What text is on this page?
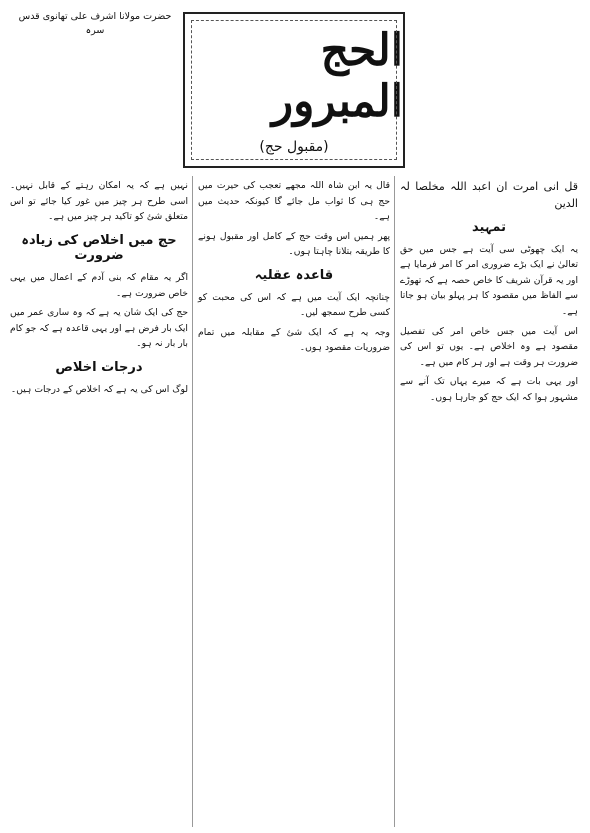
حضرت مولانا اشرف علی تھانوی قدس سرہ	الحج المبرور
(مقبول حج)
قل انی امرت ان اعبد اللہ مخلصا لہ الدین
تمہید
یہ ایک چھوٹی سی آیت ہے جس میں حق تعالیٰ نے ایک بڑے ضروری امر کا امر فرمایا ہے اور یہ قرآن شریف کا خاص حصہ ہے کہ تھوڑے سے الفاظ میں مقصود کا ہر پہلو بیان ہو جاتا ہے۔
اس آیت میں جس خاص امر کی تفصیل مقصود ہے وہ اخلاص ہے۔ یوں تو اس کی ضرورت ہر وقت ہے اور ہر کام میں ہے۔
اور یہی بات ہے کہ میرے یہاں تک آنے سے مشہور ہوا کہ ایک حج کو جارہا ہوں۔
قال یہ ابن شاہ اللہ مجھے تعجب کی حیرت میں حج ہی کا ثواب مل جائے گا کیونکہ حدیث میں ہے۔
پھر ہمیں اس وقت حج کے کامل اور مقبول ہونے کا طریقہ بتلانا چاہتا ہوں۔
قاعدہ عقلیہ
چنانچہ ایک آیت میں ہے کہ اس کی محبت کو کسی طرح سمجھ لیں۔
وجہ یہ ہے کہ ایک شئ کے مقابلہ میں تمام ضروریات مقصود ہوں۔
نہیں ہے کہ یہ امکان رہتے کے قابل نہیں۔ اسی طرح ہر چیز میں غور کیا جائے تو اس متعلق شئ کو تاکید ہر چیز میں ہے۔
حج میں اخلاص کی زیادہ ضرورت
اگر یہ مقام کہ بنی آدم کے اعمال میں یہی خاص ضرورت ہے۔
حج کی ایک شان یہ ہے کہ وہ ساری عمر میں ایک بار فرض ہے اور یہی قاعدہ ہے کہ جو کام بار بار نہ ہو۔
درجات اخلاص
لوگ اس کی یہ ہے کہ اخلاص کے درجات ہیں۔
